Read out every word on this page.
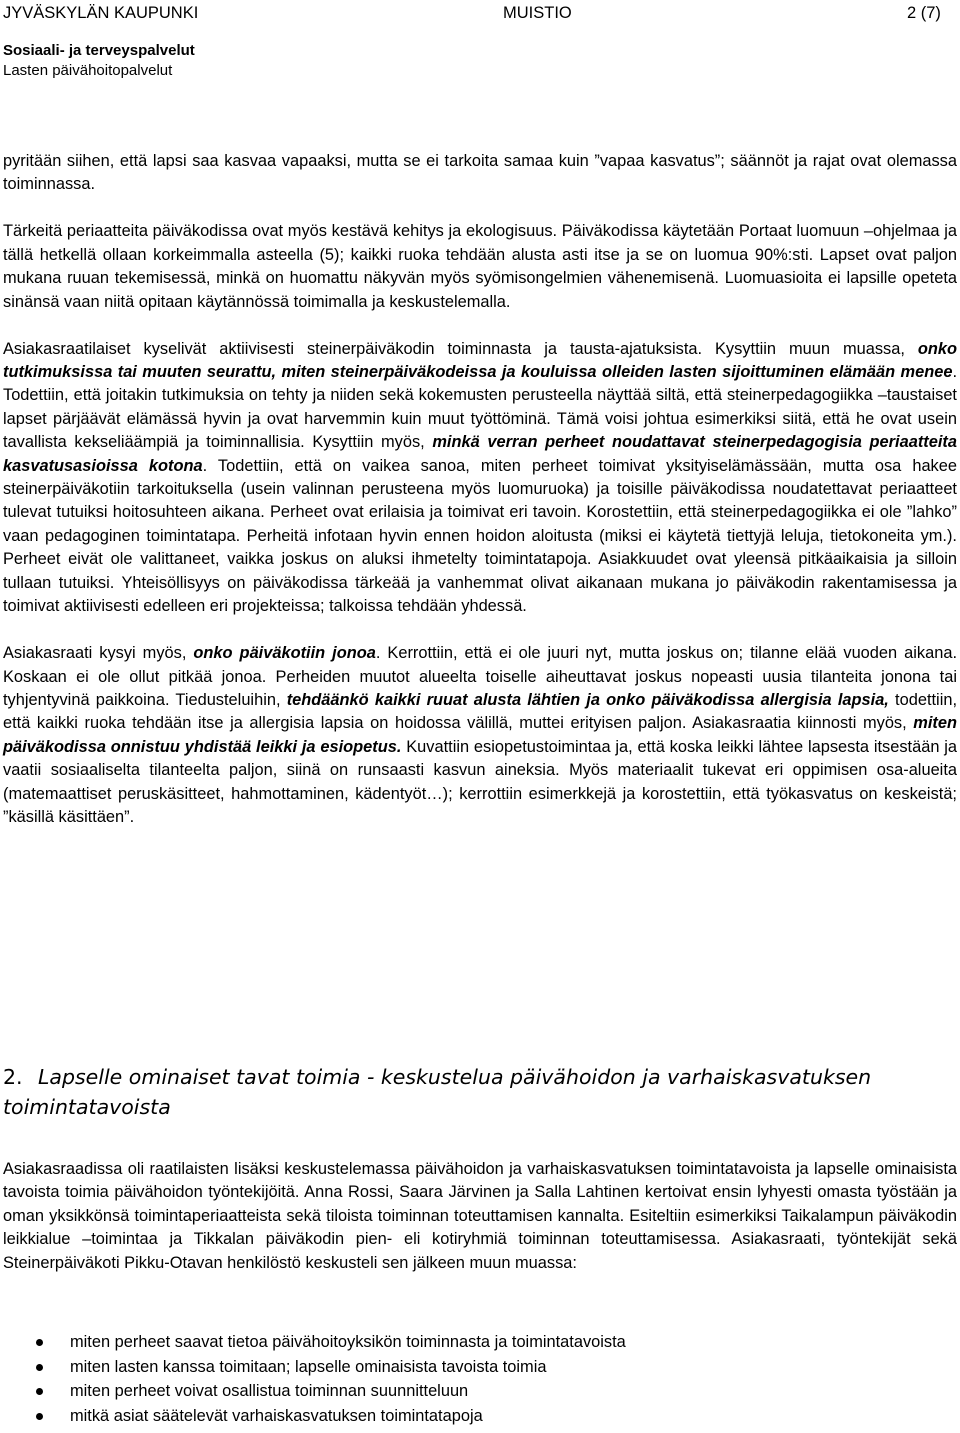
JYVÄSKYLÄN KAUPUNKI	MUISTIO	2 (7)
Sosiaali- ja terveyspalvelut
Lasten päivähoitopalvelut

pyritään siihen, että lapsi saa kasvaa vapaaksi, mutta se ei tarkoita samaa kuin ”vapaa kasvatus”; säännöt ja rajat ovat olemassa toiminnassa.

Tärkeitä periaatteita päiväkodissa ovat myös kestävä kehitys ja ekologisuus. Päiväkodissa käytetään Portaat luomuun –ohjelmaa ja tällä hetkellä ollaan korkeimmalla asteella (5); kaikki ruoka tehdään alusta asti itse ja se on luomua 90%:sti. Lapset ovat paljon mukana ruuan tekemisessä, minkä on huomattu näkyvän myös syömisongelmien vähenemisenä. Luomuasioita ei lapsille opeteta sinänsä vaan niitä opitaan käytännössä toimimalla ja keskustelemalla.

Asiakasraatilaiset kyselivät aktiivisesti steinerpäiväkodin toiminnasta ja tausta-ajatuksista. Kysyttiin muun muassa, onko tutkimuksissa tai muuten seurattu, miten steinerpäiväkodeissa ja kouluissa olleiden lasten sijoittuminen elämään menee. Todettiin, että joitakin tutkimuksia on tehty ja niiden sekä kokemusten perusteella näyttää siltä, että steinerpedagogiikka –taustaiset lapset pärjäävät elämässä hyvin ja ovat harvemmin kuin muut työttöminä. Tämä voisi johtua esimerkiksi siitä, että he ovat usein tavallista kekseliäämpiä ja toiminnallisia. Kysyttiin myös, minkä verran perheet noudattavat steinerpedagogisia periaatteita kasvatusasioissa kotona. Todettiin, että on vaikea sanoa, miten perheet toimivat yksityiselämässään, mutta osa hakee steinerpäiväkotiin tarkoituksella (usein valinnan perusteena myös luomuruoka) ja toisille päiväkodissa noudatettavat periaatteet tulevat tutuiksi hoitosuhteen aikana. Perheet ovat erilaisia ja toimivat eri tavoin. Korostettiin, että steinerpedagogiikka ei ole ”lahko” vaan pedagoginen toimintatapa. Perheitä infotaan hyvin ennen hoidon aloitusta (miksi ei käytetä tiettyjä leluja, tietokoneita ym.). Perheet eivät ole valittaneet, vaikka joskus on aluksi ihmetelty toimintatapoja. Asiakkuudet ovat yleensä pitkäaikaisia ja silloin tullaan tutuiksi. Yhteisöllisyys on päiväkodissa tärkeää ja vanhemmat olivat aikanaan mukana jo päiväkodin rakentamisessa ja toimivat aktiivisesti edelleen eri projekteissa; talkoissa tehdään yhdessä.

Asiakasraati kysyi myös, onko päiväkotiin jonoa. Kerrottiin, että ei ole juuri nyt, mutta joskus on; tilanne elää vuoden aikana. Koskaan ei ole ollut pitkää jonoa. Perheiden muutot alueelta toiselle aiheuttavat joskus nopeasti uusia tilanteita jonona tai tyhjentyvinä paikkoina. Tiedusteluihin, tehdäänkö kaikki ruuat alusta lähtien ja onko päiväkodissa allergisia lapsia, todettiin, että kaikki ruoka tehdään itse ja allergisia lapsia on hoidossa välillä, muttei erityisen paljon. Asiakasraatia kiinnosti myös, miten päiväkodissa onnistuu yhdistää leikki ja esiopetus. Kuvattiin esiopetustoimintaa ja, että koska leikki lähtee lapsesta itsestään ja vaatii sosiaaliselta tilanteelta paljon, siinä on runsaasti kasvun aineksia. Myös materiaalit tukevat eri oppimisen osa-alueita (matemaattiset peruskäsitteet, hahmottaminen, kädentyöt…); kerrottiin esimerkkejä ja korostettiin, että työkasvatus on keskeistä; ”käsillä käsittäen”.

2. Lapselle ominaiset tavat toimia - keskustelua päivähoidon ja varhaiskasvatuksen toimintatavoista

Asiakasraadissa oli raatilaisten lisäksi keskustelemassa päivähoidon ja varhaiskasvatuksen toimintatavoista ja lapselle ominaisista tavoista toimia päivähoidon työntekijöitä. Anna Rossi, Saara Järvinen ja Salla Lahtinen kertoivat ensin lyhyesti omasta työstään ja oman yksikkönsä toimintaperiaatteista sekä tiloista toiminnan toteuttamisen kannalta. Esiteltiin esimerkiksi Taikalampun päiväkodin leikkialue –toimintaa ja Tikkalan päiväkodin pien- eli kotiryhmiä toiminnan toteuttamisessa. Asiakasraati, työntekijät sekä Steinerpäiväkoti Pikku-Otavan henkilöstö keskusteli sen jälkeen muun muassa:

miten perheet saavat tietoa päivähoitoyksikön toiminnasta ja toimintatavoista
miten lasten kanssa toimitaan; lapselle ominaisista tavoista toimia
miten perheet voivat osallistua toiminnan suunnitteluun
mitkä asiat säätelevät varhaiskasvatuksen toimintatapoja
